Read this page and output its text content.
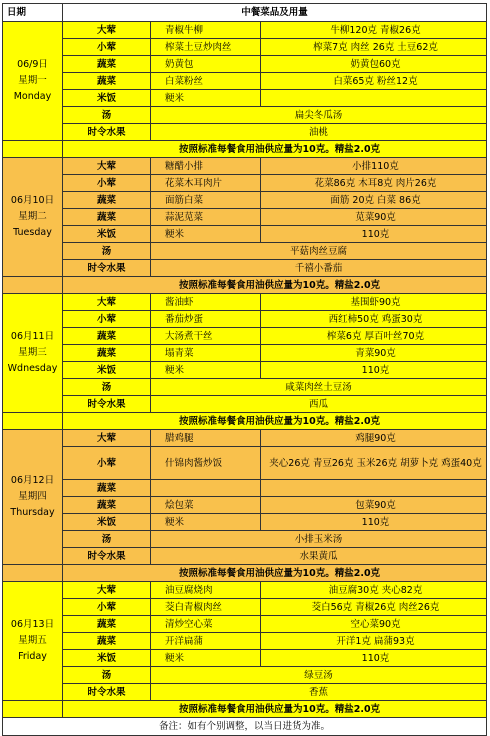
日期	中餐菜品及用量		

06/9日
星期一
Monday	大荤	青椒牛柳	牛柳120克 青椒26克
	小荤	榨菜土豆炒肉丝	榨菜7克 肉丝 26克 土豆62克
	蔬菜	奶黄包	奶黄包60克
	蔬菜	白菜粉丝	白菜65克 粉丝12克
	米饭	粳米	
	汤	扁尖冬瓜汤	
	时令水果	油桃	
	按照标准每餐食用油供应量为10克。精盐2.0克		

06月10日
星期二
Tuesday	大荤	糖醋小排	小排110克
	小荤	花菜木耳肉片	花菜86克 木耳8克 肉片26克
	蔬菜	面筋白菜	面筋 20克 白菜 86克
	蔬菜	蒜泥苋菜	苋菜90克
	米饭	粳米	110克
	汤	平菇肉丝豆腐	
	时令水果	千禧小番茄	
	按照标准每餐食用油供应量为10克。精盐2.0克		

06月11日
星期三
Wdnesday	大荤	酱油虾	基围虾90克
	小荤	番茄炒蛋	西红柿50克 鸡蛋30克
	蔬菜	大汤煮干丝	榨菜6克 厚百叶丝70克
	蔬菜	塌青菜	青菜90克
	米饭	粳米	110克
	汤	咸菜肉丝土豆汤	
	时令水果	西瓜	
	按照标准每餐食用油供应量为10克。精盐2.0克		

06月12日
星期四
Thursday	大荤	腊鸡腿	鸡腿90克
	小荤	什锦肉酱炒饭	夹心26克 青豆26克 玉米26克 胡萝卜克 鸡蛋40克
	蔬菜		
	蔬菜	烩包菜	包菜90克
	米饭	粳米	110克
	汤	小排玉米汤	
	时令水果	水果黄瓜	
	按照标准每餐食用油供应量为10克。精盐2.0克		

06月13日
星期五
Friday	大荤	油豆腐烧肉	油豆腐30克 夹心82克
	小荤	茭白青椒肉丝	茭白56克 青椒26克 肉丝26克
	蔬菜	清炒空心菜	空心菜90克
	蔬菜	开洋扁蒲	开洋1克 扁蒲93克
	米饭	粳米	110克
	汤	绿豆汤	
	时令水果	香蕉	
	按照标准每餐食用油供应量为10克。精盐2.0克		
备注：如有个别调整，以当日进货为准。			
